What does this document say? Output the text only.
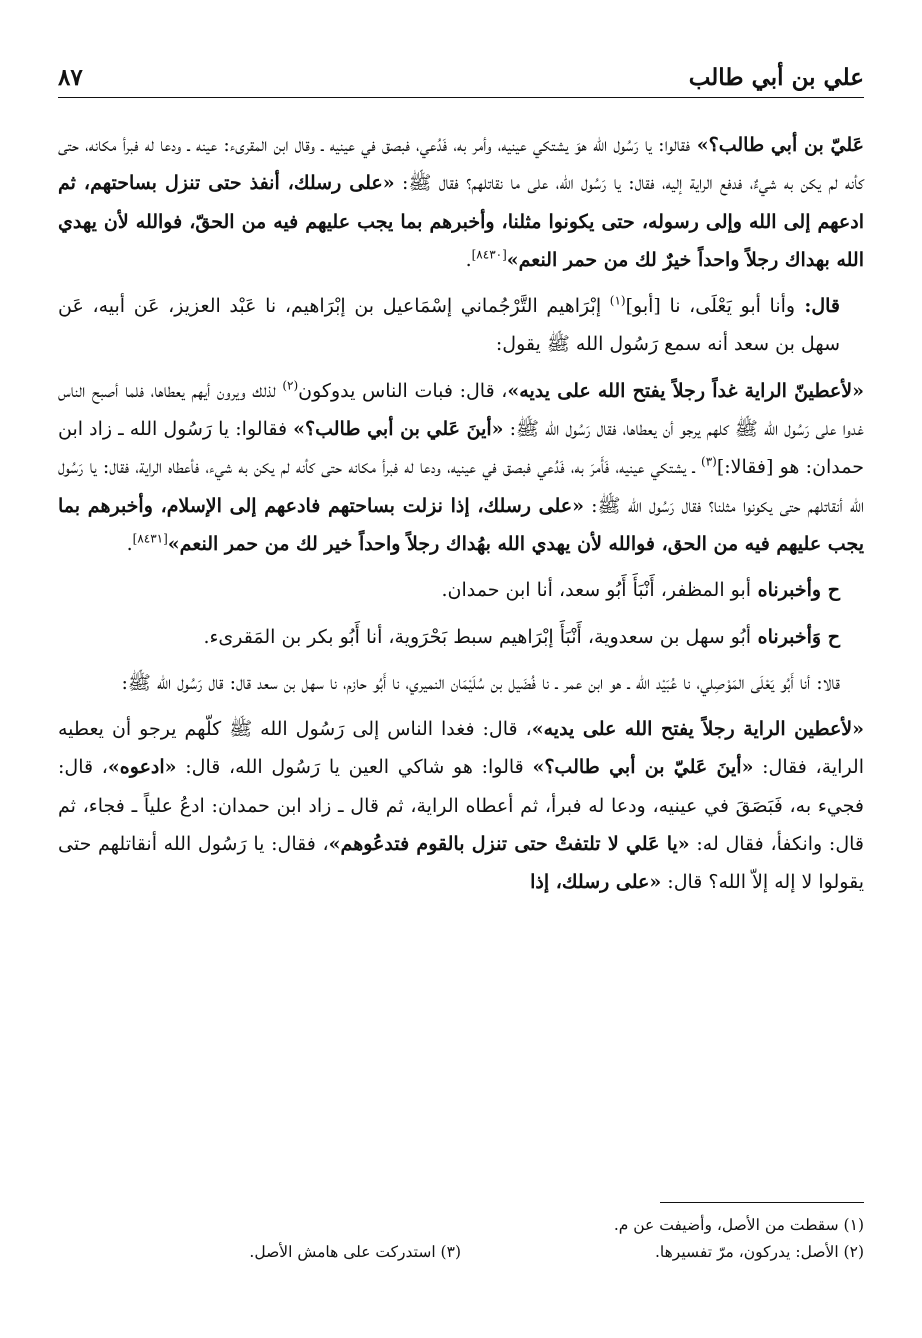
علي بن أبي طالب
٨٧

عَليّ بن أبي طالب؟» فقالوا: يا رَسُول الله هوَ يشتكي عينيه، وأمر به، فَدُعي، فبصق في عينيه ـ وقال ابن المقرىء: عينه ـ ودعا له فبرأ مكانه، حتى كأنه لم يكن به شيءٌ، فدفع الراية إليه، فقال: يا رَسُول الله، على ما نقاتلهم؟ فقال ﷺ: «على رسلك، أنفذ حتى تنزل بساحتهم، ثم ادعهم إلى الله وإلى رسوله، حتى يكونوا مثلنا، وأخبرهم بما يجب عليهم فيه من الحقّ، فوالله لأن يهدي الله بهداك رجلاً واحداً خيرٌ لك من حمر النعم»[٨٤٣٠].

قال: وأنا أبو يَعْلَى، نا [أبو]$^{(١)}$ إبْرَاهيم التَّرْجُماني إسْمَاعيل بن إبْرَاهيم، نا عَبْد العزيز، عَن أبيه، عَن سهل بن سعد أنه سمع رَسُول الله ﷺ يقول:

«لأعطينّ الراية غداً رجلاً يفتح الله على يديه»، قال: فبات الناس يدوكون$^{(٢)}$ لذلك ويرون أيهم يعطاها، فلما أصبح الناس غدوا على رَسُول الله ﷺ كلهم يرجو أن يعطاها، فقال رَسُول الله ﷺ: «أينَ عَلي بن أبي طالب؟» فقالوا: يا رَسُول الله ـ زاد ابن حمدان: هو [فقالا:]$^{(٣)}$ ـ يشتكي عينيه، فَأَمرَ به، فَدُعي فبصق في عينيه، ودعا له فبرأ مكانه حتى كأنه لم يكن به شيء، فأعطاه الراية، فقال: يا رَسُول الله أنقاتلهم حتى يكونوا مثلنا؟ فقال رَسُول الله ﷺ: «على رسلك، إذا نزلت بساحتهم فادعهم إلى الإسلام، وأخبرهم بما يجب عليهم فيه من الحق، فوالله لأن يهدي الله بهُداك رجلاً واحداً خير لك من حمر النعم»[٨٤٣١].

ح وأخبرناه أبو المظفر، أَنْبَأَ أَبُو سعد، أنا ابن حمدان.

ح وَأخبرناه أبُو سهل بن سعدوية، أَنْبَأَ إبْرَاهيم سبط بَحْرَوية، أنا أَبُو بكر بن المَقرىء.

قالا: أنا أَبُو يَعْلَى المَوْصِلي، نا عُبَيْد اللّه ـ هو ابن عمر ـ نا فُضَيل بن سُلَيْمَان النميري، نا أَبُو حازم، نا سهل بن سعد قال: قال رَسُول الله ﷺ:

«لأعطين الراية رجلاً يفتح الله على يديه»، قال: فغدا الناس إلى رَسُول الله ﷺ كلّهم يرجو أن يعطيه الراية، فقال: «أينَ عَليّ بن أبي طالب؟» قالوا: هو شاكي العين يا رَسُول الله، قال: «ادعوه»، قال: فجيء به، فَبَصَقَ في عينيه، ودعا له فبرأ، ثم أعطاه الراية، ثم قال ـ زاد ابن حمدان: ادعُ علياً ـ فجاء، ثم قال: وانكفأ، فقال له: «يا عَلي لا تلتفتْ حتى تنزل بالقوم فتدعُوهم»، فقال: يا رَسُول الله أنقاتلهم حتى يقولوا لا إله إلاّ الله؟ قال: «على رسلك، إذا

(١) سقطت من الأصل، وأضيفت عن م.
(٢) الأصل: يدركون، مرّ تفسيرها.
(٣) استدركت على هامش الأصل.
